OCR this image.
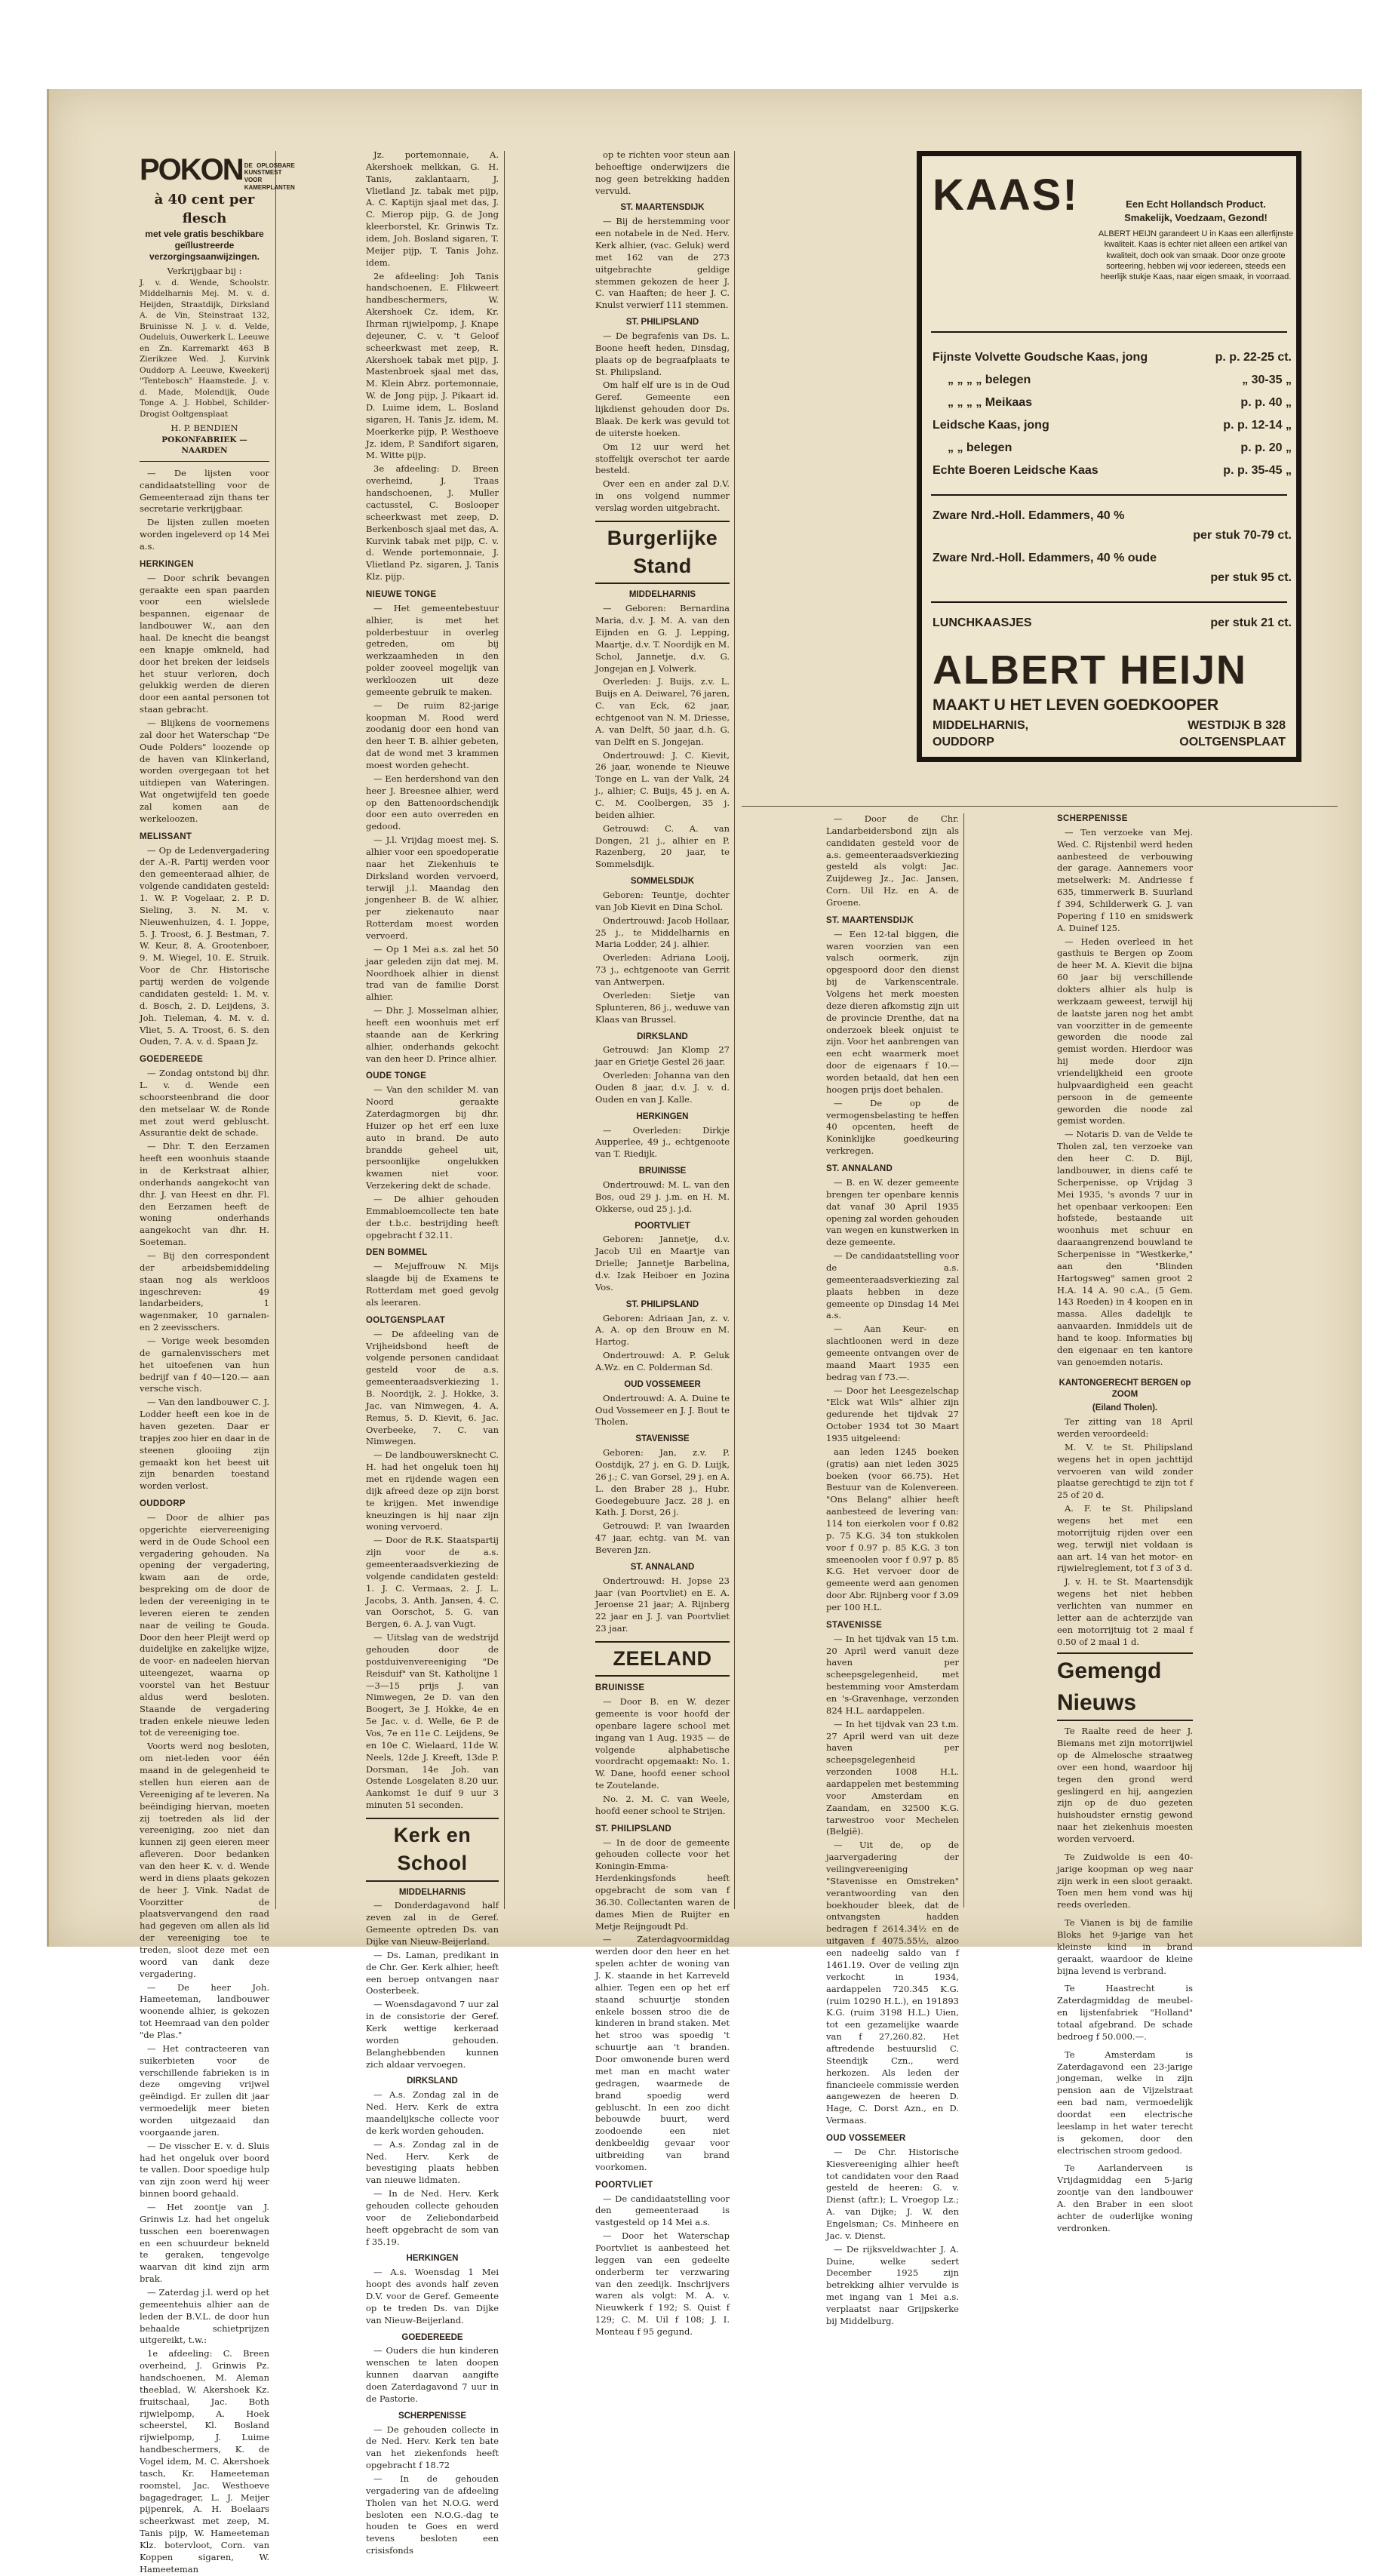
POKON DE OPLOSBARE KUNSTMEST
VOOR KAMERPLANTEN
à 40 cent per flesch
met vele gratis beschikbare geïllustreerde verzorgingsaanwijzingen.
Verkrijgbaar bij :
J. v. d. Wende, Schoolstr. Middelharnis Mej. M. v. d. Heijden, Straatdijk, Dirksland A. de Vin, Steinstraat 132, Bruinisse N. J. v. d. Velde, Oudeluis, Ouwerkerk L. Leeuwe en Zn. Karremarkt 463 B Zierikzee Wed. J. Kurvink Ouddorp A. Leeuwe, Kweekerij "Tentebosch" Haamstede. J. v. d. Made, Molendijk, Oude Tonge A. J. Hobbel, Schilder-Drogist Ooltgensplaat
H. P. BENDIEN
POKONFABRIEK — NAARDEN

— De lijsten voor candidaatstelling voor de Gemeenteraad zijn thans ter secretarie verkrijgbaar.

De lijsten zullen moeten worden ingeleverd op 14 Mei a.s.

HERKINGEN

— Door schrik bevangen geraakte een span paarden voor een wielslede bespannen, eigenaar de landbouwer W., aan den haal. De knecht die beangst een knapje omkneld, had door het breken der leidsels het stuur verloren, doch gelukkig werden de dieren door een aantal personen tot staan gebracht.

— Blijkens de voornemens zal door het Waterschap "De Oude Polders" loozende op de haven van Klinkerland, worden overgegaan tot het uitdiepen van Wateringen. Wat ongetwijfeld ten goede zal komen aan de werkeloozen.

MELISSANT

— Op de Ledenvergadering der A.-R. Partij werden voor den gemeenteraad alhier, de volgende candidaten gesteld: 1. W. P. Vogelaar, 2. P. D. Sieling, 3. N. M. v. Nieuwenhuizen, 4. I. Joppe, 5. J. Troost, 6. J. Bestman, 7. W. Keur, 8. A. Grootenboer, 9. M. Wiegel, 10. E. Struik. Voor de Chr. Historische partij werden de volgende candidaten gesteld: 1. M. v. d. Bosch, 2. D. Leijdens, 3. Joh. Tieleman, 4. M. v. d. Vliet, 5. A. Troost, 6. S. den Ouden, 7. A. v. d. Spaan Jz.

GOEDEREEDE

— Zondag ontstond bij dhr. L. v. d. Wende een schoorsteenbrand die door den metselaar W. de Ronde met zout werd gebluscht. Assurantie dekt de schade.

— Dhr. T. den Eerzamen heeft een woonhuis staande in de Kerkstraat alhier, onderhands aangekocht van dhr. J. van Heest en dhr. Fl. den Eerzamen heeft de woning onderhands aangekocht van dhr. H. Soeteman.

— Bij den correspondent der arbeidsbemiddeling staan nog als werkloos ingeschreven: 49 landarbeiders, 1 wagenmaker, 10 garnalen- en 2 zeevisschers.

— Vorige week besomden de garnalenvisschers met het uitoefenen van hun bedrijf van f 40—120.— aan versche visch.

— Van den landbouwer C. J. Lodder heeft een koe in de haven gezeten. Daar er trapjes zoo hier en daar in de steenen glooiing zijn gemaakt kon het beest uit zijn benarden toestand worden verlost.

OUDDORP

— Door de alhier pas opgerichte eiervereeniging werd in de Oude School een vergadering gehouden. Na opening der vergadering, kwam aan de orde, bespreking om de door de leden der vereeniging in te leveren eieren te zenden naar de veiling te Gouda. Door den heer Pleijt werd op duidelijke en zakelijke wijze, de voor- en nadeelen hiervan uiteengezet, waarna op voorstel van het Bestuur aldus werd besloten. Staande de vergadering traden enkele nieuwe leden tot de vereeniging toe.

Voorts werd nog besloten, om niet-leden voor één maand in de gelegenheid te stellen hun eieren aan de Vereeniging af te leveren. Na beëindiging hiervan, moeten zij toetreden als lid der vereeniging, zoo niet dan kunnen zij geen eieren meer afleveren. Door bedanken van den heer K. v. d. Wende werd in diens plaats gekozen de heer J. Vink. Nadat de Voorzitter de plaatsvervangend den raad had gegeven om allen als lid der vereeniging toe te treden, sloot deze met een woord van dank deze vergadering.

— De heer Joh. Hameeteman, landbouwer woonende alhier, is gekozen tot Heemraad van den polder "de Plas."

— Het contracteeren van suikerbieten voor de verschillende fabrieken is in deze omgeving vrijwel geëindigd. Er zullen dit jaar vermoedelijk meer bieten worden uitgezaaid dan voorgaande jaren.

— De visscher E. v. d. Sluis had het ongeluk over boord te vallen. Door spoedige hulp van zijn zoon werd hij weer binnen boord gehaald.

— Het zoontje van J. Grinwis Lz. had het ongeluk tusschen een boerenwagen en een schuurdeur bekneld te geraken, tengevolge waarvan dit kind zijn arm brak.

— Zaterdag j.l. werd op het gemeentehuis alhier aan de leden der B.V.L. de door hun behaalde schietprijzen uitgereikt, t.w.:

1e afdeeling: C. Breen overheind, J. Grinwis Pz. handschoenen, M. Aleman theeblad, W. Akershoek Kz. fruitschaal, Jac. Both rijwielpomp, A. Hoek scheerstel, Kl. Bosland rijwielpomp, J. Luime handbeschermers, K. de Vogel idem, M. C. Akershoek tasch, Kr. Hameeteman roomstel, Jac. Westhoeve bagagedrager, L. J. Meijer pijpenrek, A. H. Boelaars scheerkwast met zeep, M. Tanis pijp, W. Hameeteman Klz. botervloot, Corn. van Koppen sigaren, W. Hameeteman

Jz. portemonnaie, A. Akershoek melkkan, G. H. Tanis, zaklantaarn, J. Vlietland Jz. tabak met pijp, A. C. Kaptijn sjaal met das, J. C. Mierop pijp, G. de Jong kleerborstel, Kr. Grinwis Tz. idem, Joh. Bosland sigaren, T. Meijer pijp, T. Tanis Johz. idem.

2e afdeeling: Joh Tanis handschoenen, E. Flikweert handbeschermers, W. Akershoek Cz. idem, Kr. Ihrman rijwielpomp, J. Knape dejeuner, C. v. 't Geloof scheerkwast met zeep, R. Akershoek tabak met pijp, J. Mastenbroek sjaal met das, M. Klein Abrz. portemonnaie, W. de Jong pijp, J. Pikaart id. D. Luime idem, L. Bosland sigaren, H. Tanis Jz. idem, M. Moerkerke pijp, P. Westhoeve Jz. idem, P. Sandifort sigaren, M. Witte pijp.

3e afdeeling: D. Breen overheind, J. Traas handschoenen, J. Muller cactusstel, C. Boslooper scheerkwast met zeep, D. Berkenbosch sjaal met das, A. Kurvink tabak met pijp, C. v. d. Wende portemonnaie, J. Vlietland Pz. sigaren, J. Tanis Klz. pijp.

NIEUWE TONGE

— Het gemeentebestuur alhier, is met het polderbestuur in overleg getreden, om bij werkzaamheden in den polder zooveel mogelijk van werkloozen uit deze gemeente gebruik te maken.

— De ruim 82-jarige koopman M. Rood werd zoodanig door een hond van den heer T. B. alhier gebeten, dat de wond met 3 krammen moest worden gehecht.

— Een herdershond van den heer J. Breesnee alhier, werd op den Battenoordschendijk door een auto overreden en gedood.

— J.l. Vrijdag moest mej. S. alhier voor een spoedoperatie naar het Ziekenhuis te Dirksland worden vervoerd, terwijl j.l. Maandag den jongenheer B. de W. alhier, per ziekenauto naar Rotterdam moest worden vervoerd.

— Op 1 Mei a.s. zal het 50 jaar geleden zijn dat mej. M. Noordhoek alhier in dienst trad van de familie Dorst alhier.

— Dhr. J. Mosselman alhier, heeft een woonhuis met erf staande aan de Kerkring alhier, onderhands gekocht van den heer D. Prince alhier.

OUDE TONGE

— Van den schilder M. van Noord geraakte Zaterdagmorgen bij dhr. Huizer op het erf een luxe auto in brand. De auto brandde geheel uit, persoonlijke ongelukken kwamen niet voor. Verzekering dekt de schade.

— De alhier gehouden Emmabloemcollecte ten bate der t.b.c. bestrijding heeft opgebracht f 32.11.

DEN BOMMEL

— Mejuffrouw N. Mijs slaagde bij de Examens te Rotterdam met goed gevolg als leeraren.

OOLTGENSPLAAT

— De afdeeling van de Vrijheidsbond heeft de volgende personen candidaat gesteld voor de a.s. gemeenteraadsverkiezing 1. B. Noordijk, 2. J. Hokke, 3. Jac. van Nimwegen, 4. A. Remus, 5. D. Kievit, 6. Jac. Overbeeke, 7. C. van Nimwegen.

— De landbouwersknecht C. H. had het ongeluk toen hij met en rijdende wagen een dijk afreed deze op zijn borst te krijgen. Met inwendige kneuzingen is hij naar zijn woning vervoerd.

— Door de R.K. Staatspartij zijn voor de a.s. gemeenteraadsverkiezing de volgende candidaten gesteld: 1. J. C. Vermaas, 2. J. L. Jacobs, 3. Anth. Jansen, 4. C. van Oorschot, 5. G. van Bergen, 6. A. J. van Vugt.

— Uitslag van de wedstrijd gehouden door de postduivenvereeniging "De Reisduif" van St. Katholijne 1—3—15 prijs J. van Nimwegen, 2e D. van den Boogert, 3e J. Hokke, 4e en 5e Jac. v. d. Welle, 6e P. de Vos, 7e en 11e C. Leijdens, 9e en 10e C. Wielaard, 11de W. Neels, 12de J. Kreeft, 13de P. Dorsman, 14e Joh. van Ostende Losgelaten 8.20 uur. Aankomst 1e duif 9 uur 3 minuten 51 seconden.

Kerk en School
MIDDELHARNIS

— Donderdagavond half zeven zal in de Geref. Gemeente optreden Ds. van Dijke van Nieuw-Beijerland.

— Ds. Laman, predikant in de Chr. Ger. Kerk alhier, heeft een beroep ontvangen naar Oosterbeek.

— Woensdagavond 7 uur zal in de consistorie der Geref. Kerk wettige kerkeraad worden gehouden. Belanghebbenden kunnen zich aldaar vervoegen.

DIRKSLAND

— A.s. Zondag zal in de Ned. Herv. Kerk de extra maandelijksche collecte voor de kerk worden gehouden.

— A.s. Zondag zal in de Ned. Herv. Kerk de bevestiging plaats hebben van nieuwe lidmaten.

— In de Ned. Herv. Kerk gehouden collecte gehouden voor de Zeliebondarbeid heeft opgebracht de som van f 35.19.

HERKINGEN

— A.s. Woensdag 1 Mei hoopt des avonds half zeven D.V. voor de Geref. Gemeente op te treden Ds. van Dijke van Nieuw-Beijerland.

GOEDEREEDE

— Ouders die hun kinderen wenschen te laten doopen kunnen daarvan aangifte doen Zaterdagavond 7 uur in de Pastorie.

SCHERPENISSE

— De gehouden collecte in de Ned. Herv. Kerk ten bate van het ziekenfonds heeft opgebracht f 18.72

— In de gehouden vergadering van de afdeeling Tholen van het N.O.G. werd besloten een N.O.G.-dag te houden te Goes en werd tevens besloten een crisisfonds

op te richten voor steun aan behoeftige onderwijzers die nog geen betrekking hadden vervuld.

ST. MAARTENSDIJK

— Bij de herstemming voor een notabele in de Ned. Herv. Kerk alhier, (vac. Geluk) werd met 162 van de 273 uitgebrachte geldige stemmen gekozen de heer J. C. van Haaften; de heer J. C. Knulst verwierf 111 stemmen.

ST. PHILIPSLAND

— De begrafenis van Ds. L. Boone heeft heden, Dinsdag, plaats op de begraafplaats te St. Philipsland.

Om half elf ure is in de Oud Geref. Gemeente een lijkdienst gehouden door Ds. Blaak. De kerk was gevuld tot de uiterste hoeken.

Om 12 uur werd het stoffelijk overschot ter aarde besteld.

Over een en ander zal D.V. in ons volgend nummer verslag worden uitgebracht.

Burgerlijke Stand
MIDDELHARNIS

— Geboren: Bernardina Maria, d.v. J. M. A. van den Eijnden en G. J. Lepping, Maartje, d.v. T. Noordijk en M. Schol, Jannetje, d.v. G. Jongejan en J. Volwerk.

Overleden: J. Buijs, z.v. L. Buijs en A. Deiwarel, 76 jaren, C. van Eck, 62 jaar, echtgenoot van N. M. Driesse, A. van Delft, 50 jaar, d.h. G. van Delft en S. Jongejan.

Ondertrouwd: J. C. Kievit, 26 jaar, wonende te Nieuwe Tonge en L. van der Valk, 24 j., alhier; C. Buijs, 45 j. en A. C. M. Coolbergen, 35 j. beiden alhier.

Getrouwd: C. A. van Dongen, 21 j., alhier en P. Razenberg, 20 jaar, te Sommelsdijk.

SOMMELSDIJK

Geboren: Teuntje, dochter van Job Kievit en Dina Schol.

Ondertrouwd: Jacob Hollaar, 25 j., te Middelharnis en Maria Lodder, 24 j. alhier.

Overleden: Adriana Looij, 73 j., echtgenoote van Gerrit van Antwerpen.

Overleden: Sietje van Splunteren, 86 j., weduwe van Klaas van Brussel.

DIRKSLAND

Getrouwd: Jan Klomp 27 jaar en Grietje Gestel 26 jaar.

Overleden: Johanna van den Ouden 8 jaar, d.v. J. v. d. Ouden en van J. Kalle.

HERKINGEN

— Overleden: Dirkje Aupperlee, 49 j., echtgenoote van T. Riedijk.

BRUINISSE

Ondertrouwd: M. L. van den Bos, oud 29 j. j.m. en H. M. Okkerse, oud 25 j. j.d.

POORTVLIET

Geboren: Jannetje, d.v. Jacob Uil en Maartje van Drielle; Jannetje Barbelina, d.v. Izak Heiboer en Jozina Vos.

ST. PHILIPSLAND

Geboren: Adriaan Jan, z. v. A. A. op den Brouw en M. Hartog.

Ondertrouwd: A. P. Geluk A.Wz. en C. Polderman Sd.

OUD VOSSEMEER

Ondertrouwd: A. A. Duine te Oud Vossemeer en J. J. Bout te Tholen.

STAVENISSE

Geboren: Jan, z.v. P. Oostdijk, 27 j. en G. D. Luijk, 26 j.; C. van Gorsel, 29 j. en A. L. den Braber 28 j., Hubr. Goedegebuure Jacz. 28 j. en Kath. J. Dorst, 26 j.

Getrouwd: P. van Iwaarden 47 jaar, echtg. van M. van Beveren Jzn.

ST. ANNALAND

Ondertrouwd: H. Jopse 23 jaar (van Poortvliet) en E. A. Jeroense 21 jaar; A. Rijnberg 22 jaar en J. J. van Poortvliet 23 jaar.

ZEELAND
BRUINISSE

— Door B. en W. dezer gemeente is voor hoofd der openbare lagere school met ingang van 1 Aug. 1935 — de volgende alphabetische voordracht opgemaakt: No. 1. W. Dane, hoofd eener school te Zoutelande.

No. 2. M. C. van Weele, hoofd eener school te Strijen.

ST. PHILIPSLAND

— In de door de gemeente gehouden collecte voor het Koningin-Emma-Herdenkingsfonds heeft opgebracht de som van f 36.30. Collectanten waren de dames Mien de Ruijter en Metje Reijngoudt Pd.

— Zaterdagvoormiddag werden door den heer en het spelen achter de woning van J. K. staande in het Karreveld alhier. Tegen een op het erf staand schuurtje stonden enkele bossen stroo die de kinderen in brand staken. Met het stroo was spoedig 't schuurtje aan 't branden. Door omwonende buren werd met man en macht water gedragen, waarmede de brand spoedig werd gebluscht. In een zoo dicht bebouwde buurt, werd zoodoende een niet denkbeeldig gevaar voor uitbreiding van brand voorkomen.

POORTVLIET

— De candidaatstelling voor den gemeenteraad is vastgesteld op 14 Mei a.s.

— Door het Waterschap Poortvliet is aanbesteed het leggen van een gedeelte onderberm ter verzwaring van den zeedijk. Inschrijvers waren als volgt: M. A. v. Nieuwkerk f 192; S. Quist f 129; C. M. Uil f 108; J. I. Monteau f 95 gegund.

KAAS!	Een Echt Hollandsch Product.
Smakelijk, Voedzaam, Gezond!
ALBERT HEIJN garandeert U in Kaas een allerfijnste kwaliteit. Kaas is echter niet alleen een artikel van kwaliteit, doch ook van smaak. Door onze groote sorteering, hebben wij voor iedereen, steeds een heerlijk stukje Kaas, naar eigen smaak, in voorraad.
Fijnste Volvette Goudsche Kaas, jong	p. p. 22-25 ct.
„ „ „ „ belegen	„ 30-35 „
„ „ „ „ Meikaas	p. p. 40 „
Leidsche Kaas, jong	p. p. 12-14 „
„ „ belegen	p. p. 20 „
Echte Boeren Leidsche Kaas	p. p. 35-45 „
Zware Nrd.-Holl. Edammers, 40 %
per stuk 70-79 ct.
Zware Nrd.-Holl. Edammers, 40 % oude
per stuk 95 ct.
LUNCHKAASJES	per stuk 21 ct.
ALBERT HEIJN
MAAKT U HET LEVEN GOEDKOOPER
MIDDELHARNIS,	WESTDIJK B 328
OUDDORP	OOLTGENSPLAAT

— Door de Chr. Landarbeidersbond zijn als candidaten gesteld voor de a.s. gemeenteraadsverkiezing gesteld als volgt: Jac. Zuijdeweg Jz., Jac. Jansen, Corn. Uil Hz. en A. de Groene.

ST. MAARTENSDIJK

— Een 12-tal biggen, die waren voorzien van een valsch oormerk, zijn opgespoord door den dienst bij de Varkenscentrale. Volgens het merk moesten deze dieren afkomstig zijn uit de provincie Drenthe, dat na onderzoek bleek onjuist te zijn. Voor het aanbrengen van een echt waarmerk moet door de eigenaars f 10.— worden betaald, dat hen een hoogen prijs doet behalen.

— De op de vermogensbelasting te heffen 40 opcenten, heeft de Koninklijke goedkeuring verkregen.

ST. ANNALAND

— B. en W. dezer gemeente brengen ter openbare kennis dat vanaf 30 April 1935 opening zal worden gehouden van wegen en kunstwerken in deze gemeente.

— De candidaatstelling voor de a.s. gemeenteraadsverkiezing zal plaats hebben in deze gemeente op Dinsdag 14 Mei a.s.

— Aan Keur- en slachtloonen werd in deze gemeente ontvangen over de maand Maart 1935 een bedrag van f 73.—.

— Door het Leesgezelschap "Elck wat Wils" alhier zijn gedurende het tijdvak 27 October 1934 tot 30 Maart 1935 uitgeleend:

aan leden 1245 boeken (gratis) aan niet leden 3025 boeken (voor 66.75). Het Bestuur van de Kolenvereen. "Ons Belang" alhier heeft aanbesteed de levering van: 114 ton eierkolen voor f 0.82 p. 75 K.G. 34 ton stukkolen voor f 0.97 p. 85 K.G. 3 ton smeenoolen voor f 0.97 p. 85 K.G. Het vervoer door de gemeente werd aan genomen door Abr. Rijnberg voor f 3.09 per 100 H.L.

STAVENISSE

— In het tijdvak van 15 t.m. 20 April werd vanuit deze haven per scheepsgelegenheid, met bestemming voor Amsterdam en 's-Gravenhage, verzonden 824 H.L. aardappelen.

— In het tijdvak van 23 t.m. 27 April werd van uit deze haven per scheepsgelegenheid verzonden 1008 H.L. aardappelen met bestemming voor Amsterdam en Zaandam, en 32500 K.G. tarwestroo voor Mechelen (België).

— Uit de, op de jaarvergadering der veilingvereeniging "Stavenisse en Omstreken" verantwoording van den boekhouder bleek, dat de ontvangsten hadden bedragen f 2614.34½ en de uitgaven f 4075.55½, alzoo een nadeelig saldo van f 1461.19. Over de veiling zijn verkocht in 1934, aardappelen 720.345 K.G. (ruim 10290 H.L.), en 191893 K.G. (ruim 3198 H.L.) Uien, tot een gezamelijke waarde van f 27,260.82. Het aftredende bestuurslid C. Steendijk Czn., werd herkozen. Als leden der financieele commissie werden aangewezen de heeren D. Hage, C. Dorst Azn., en D. Vermaas.

OUD VOSSEMEER

— De Chr. Historische Kiesvereeniging alhier heeft tot candidaten voor den Raad gesteld de heeren: G. v. Dienst (aftr.); L. Vroegop Lz.; A. van Dijke; J. W. den Engelsman; Cs. Minheere en Jac. v. Dienst.

— De rijksveldwachter J. A. Duine, welke sedert December 1925 zijn betrekking alhier vervulde is met ingang van 1 Mei a.s. verplaatst naar Grijpskerke bij Middelburg.

SCHERPENISSE

— Ten verzoeke van Mej. Wed. C. Rijstenbil werd heden aanbesteed de verbouwing der garage. Aannemers voor metselwerk: M. Andriesse f 635, timmerwerk B. Suurland f 394, Schilderwerk G. J. van Popering f 110 en smidswerk A. Duinef 125.

— Heden overleed in het gasthuis te Bergen op Zoom de heer M. A. Kievit die bijna 60 jaar bij verschillende dokters alhier als hulp is werkzaam geweest, terwijl hij de laatste jaren nog het ambt van voorzitter in de gemeente geworden die noode zal gemist worden. Hierdoor was hij mede door zijn vriendelijkheid een groote hulpvaardigheid een geacht persoon in de gemeente geworden die noode zal gemist worden.

— Notaris D. van de Velde te Tholen zal, ten verzoeke van den heer C. D. Bijl, landbouwer, in diens café te Scherpenisse, op Vrijdag 3 Mei 1935, 's avonds 7 uur in het openbaar verkoopen: Een hofstede, bestaande uit woonhuis met schuur en daaraangrenzend bouwland te Scherpenisse in "Westkerke," aan den "Blinden Hartogsweg" samen groot 2 H.A. 14 A. 90 c.A., (5 Gem. 143 Roeden) in 4 koopen en in massa. Alles dadelijk te aanvaarden. Inmiddels uit de hand te koop. Informaties bij den eigenaar en ten kantore van genoemden notaris.

KANTONGERECHT BERGEN op ZOOM
(Eiland Tholen).

Ter zitting van 18 April werden veroordeeld:

M. V. te St. Philipsland wegens het in open jachttijd vervoeren van wild zonder plaatse gerechtigd te zijn tot f 25 of 20 d.

A. F. te St. Philipsland wegens het met een motorrijtuig rijden over een weg, terwijl niet voldaan is aan art. 14 van het motor- en rijwielreglement, tot f 3 of 3 d.

J. v. H. te St. Maartensdijk wegens het niet hebben verlichten van nummer en letter aan de achterzijde van een motorrijtuig tot 2 maal f 0.50 of 2 maal 1 d.

Gemengd Nieuws

Te Raalte reed de heer J. Biemans met zijn motorrijwiel op de Almelosche straatweg over een hond, waardoor hij tegen den grond werd geslingerd en hij, aangezien zijn op de duo gezeten huishoudster ernstig gewond naar het ziekenhuis moesten worden vervoerd.

Te Zuidwolde is een 40-jarige koopman op weg naar zijn werk in een sloot geraakt. Toen men hem vond was hij reeds overleden.

Te Vianen is bij de familie Bloks het 9-jarige van het kleinste kind in brand geraakt, waardoor de kleine bijna levend is verbrand.

Te Haastrecht is Zaterdagmiddag de meubel- en lijstenfabriek "Holland" totaal afgebrand. De schade bedroeg f 50.000.—.

Te Amsterdam is Zaterdagavond een 23-jarige jongeman, welke in zijn pension aan de Vijzelstraat een bad nam, vermoedelijk doordat een electrische leeslamp in het water terecht is gekomen, door den electrischen stroom gedood.

Te Aarlanderveen is Vrijdagmiddag een 5-jarig zoontje van den landbouwer A. den Braber in een sloot achter de ouderlijke woning verdronken.
